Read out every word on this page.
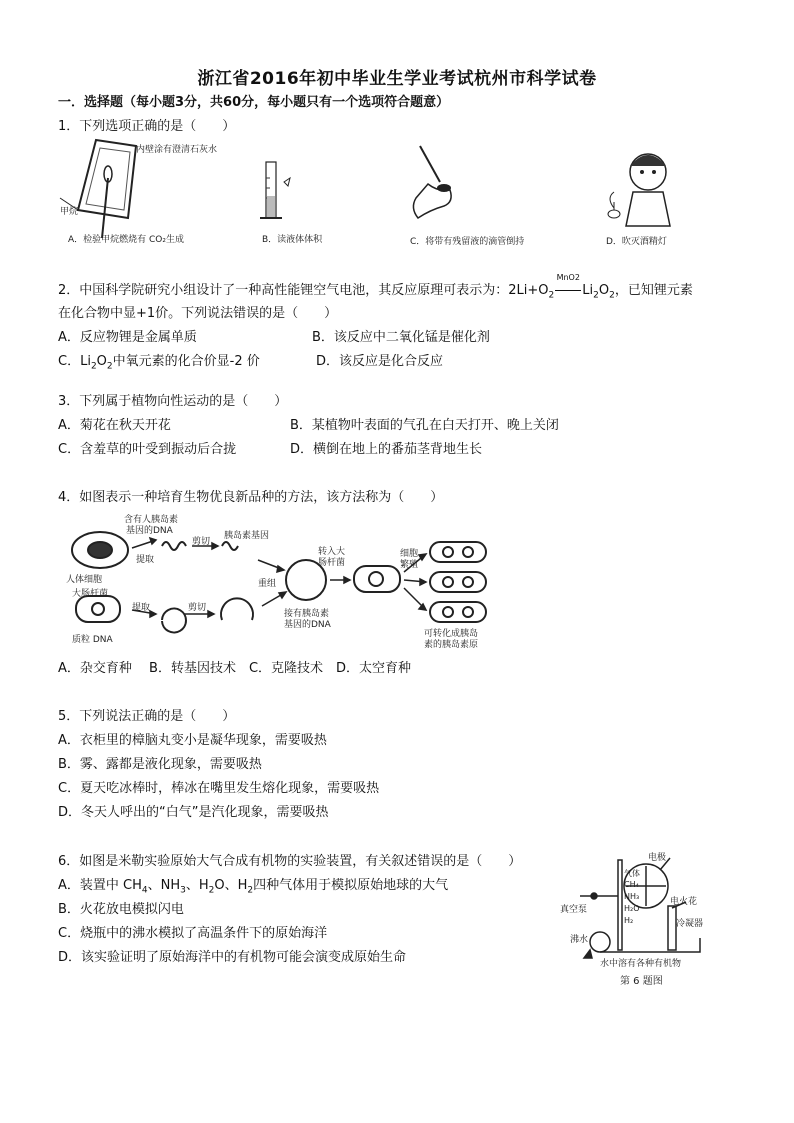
浙江省2016年初中毕业生学业考试杭州市科学试卷
一．选择题（每小题3分，共60分，每小题只有一个选项符合题意）
1．下列选项正确的是（　　）
内壁涂有澄清石灰水
甲烷
A．检验甲烷燃烧有 CO₂生成	B．读液体体积	C．将带有残留液的滴管倒持	D．吹灭酒精灯
2．中国科学院研究小组设计了一种高性能锂空气电池，其反应原理可表示为：$2Li+O_2$
MnO2
$Li_2O_2$，已知锂元素
在化合物中显+1价。下列说法错误的是（　　）
A．反应物锂是金属单质	B．该反应中二氧化锰是催化剂
C．$Li_2O_2$中氧元素的化合价显-2 价	D．该反应是化合反应
3．下列属于植物向性运动的是（　　）
A．菊花在秋天开花	B．某植物叶表面的气孔在白天打开、晚上关闭
C．含羞草的叶受到振动后合拢	D．横倒在地上的番茄茎背地生长
4．如图表示一种培育生物优良新品种的方法，该方法称为（　　）
含有人胰岛素
基因的DNA
提取
剪切
胰岛素基因
人体细胞
大肠杆菌
提取	剪切
重组
质粒 DNA
转入大
肠杆菌
接有胰岛素
基因的DNA
细胞
繁殖
可转化成胰岛
素的胰岛素原
A．杂交育种　 B．转基因技术　C．克隆技术　D．太空育种
5．下列说法正确的是（　　）
A．衣柜里的樟脑丸变小是凝华现象，需要吸热
B．雾、露都是液化现象，需要吸热
C．夏天吃冰棒时，棒冰在嘴里发生熔化现象，需要吸热
D．冬天人呼出的“白气”是汽化现象，需要吸热
6．如图是米勒实验原始大气合成有机物的实验装置，有关叙述错误的是（　　）
A．装置中 $CH_4$、$NH_3$、$H_2O$、$H_2$四种气体用于模拟原始地球的大气
B．火花放电模拟闪电
C．烧瓶中的沸水模拟了高温条件下的原始海洋
D．该实验证明了原始海洋中的有机物可能会演变成原始生命
电极
气体
CH₄
NH₃
H₂O
H₂
电火花
真空泵
冷凝器
沸水
水中溶有各种有机物
第 6 题图
